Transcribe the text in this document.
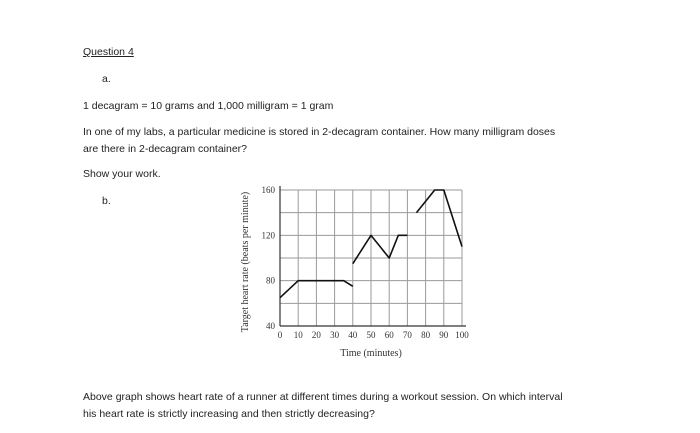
Question 4
a.
1 decagram = 10 grams and 1,000 milligram = 1 gram
In one of my labs, a particular medicine is stored in 2-decagram container. How many milligram doses
are there in 2-decagram container?
Show your work.
b.
0 10 20 30 40 50 60 70 80 90 100
40
80
120
160
Time (minutes)
Target heart rate (beats per minute)
Above graph shows heart rate of a runner at different times during a workout session. On which interval
his heart rate is strictly increasing and then strictly decreasing?
